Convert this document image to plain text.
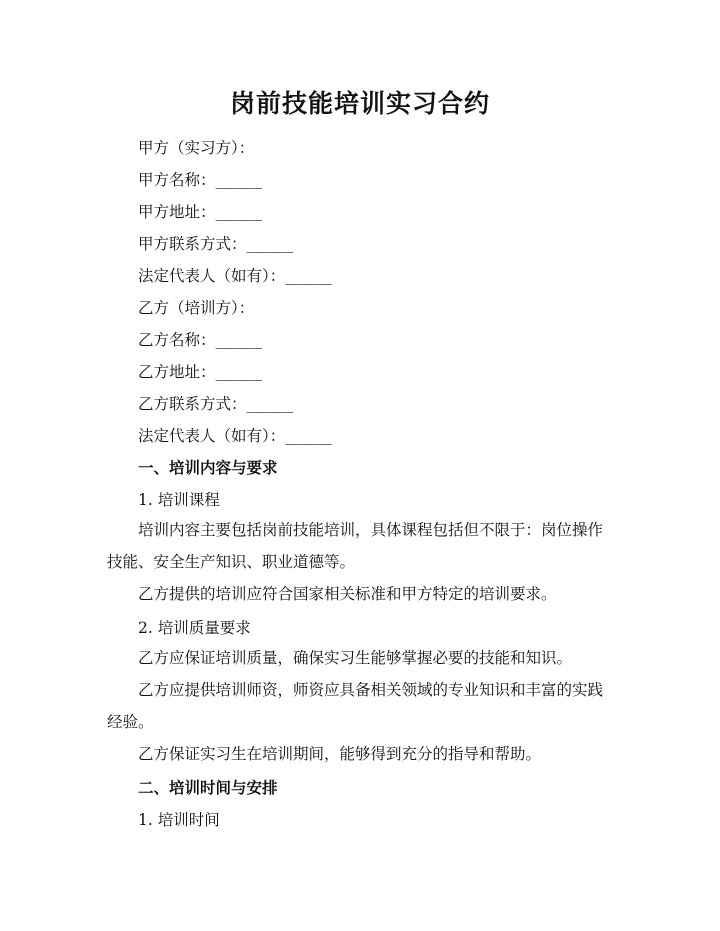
岗前技能培训实习合约
甲方（实习方）：
甲方名称：______
甲方地址：______
甲方联系方式：______
法定代表人（如有）：______
乙方（培训方）：
乙方名称：______
乙方地址：______
乙方联系方式：______
法定代表人（如有）：______
一、培训内容与要求
1. 培训课程
培训内容主要包括岗前技能培训，具体课程包括但不限于：岗位操作技能、安全生产知识、职业道德等。
乙方提供的培训应符合国家相关标准和甲方特定的培训要求。
2. 培训质量要求
乙方应保证培训质量，确保实习生能够掌握必要的技能和知识。
乙方应提供培训师资，师资应具备相关领域的专业知识和丰富的实践经验。
乙方保证实习生在培训期间，能够得到充分的指导和帮助。
二、培训时间与安排
1. 培训时间
